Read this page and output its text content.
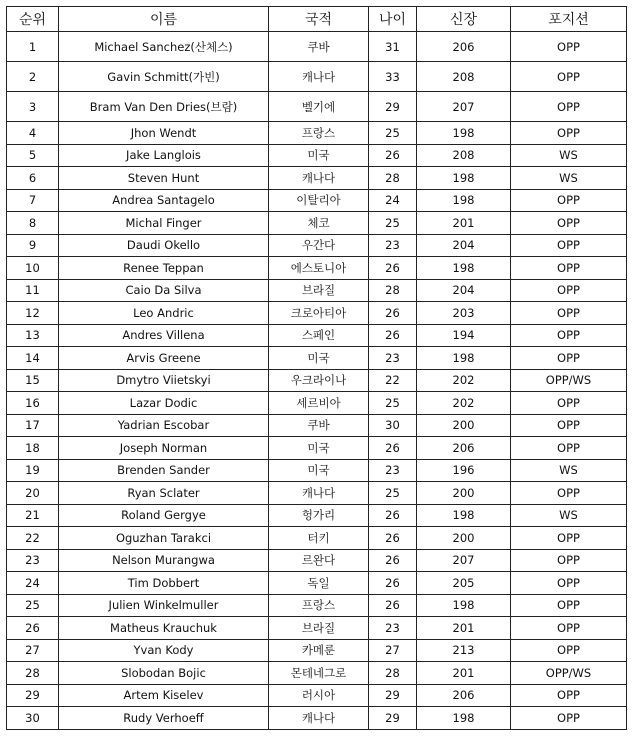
순위	이름	국적	나이	신장	포지션
1	Michael Sanchez(산체스)	쿠바	31	206	OPP
2	Gavin Schmitt(가빈)	캐나다	33	208	OPP
3	Bram Van Den Dries(브람)	벨기에	29	207	OPP
4	Jhon Wendt	프랑스	25	198	OPP
5	Jake Langlois	미국	26	208	WS
6	Steven Hunt	캐나다	28	198	WS
7	Andrea Santagelo	이탈리아	24	198	OPP
8	Michal Finger	체코	25	201	OPP
9	Daudi Okello	우간다	23	204	OPP
10	Renee Teppan	에스토니아	26	198	OPP
11	Caio Da Silva	브라질	28	204	OPP
12	Leo Andric	크로아티아	26	203	OPP
13	Andres Villena	스페인	26	194	OPP
14	Arvis Greene	미국	23	198	OPP
15	Dmytro Viietskyi	우크라이나	22	202	OPP/WS
16	Lazar Dodic	세르비아	25	202	OPP
17	Yadrian Escobar	쿠바	30	200	OPP
18	Joseph Norman	미국	26	206	OPP
19	Brenden Sander	미국	23	196	WS
20	Ryan Sclater	캐나다	25	200	OPP
21	Roland Gergye	헝가리	26	198	WS
22	Oguzhan Tarakci	터키	26	200	OPP
23	Nelson Murangwa	르완다	26	207	OPP
24	Tim Dobbert	독일	26	205	OPP
25	Julien Winkelmuller	프랑스	26	198	OPP
26	Matheus Krauchuk	브라질	23	201	OPP
27	Yvan Kody	카메룬	27	213	OPP
28	Slobodan Bojic	몬테네그로	28	201	OPP/WS
29	Artem Kiselev	러시아	29	206	OPP
30	Rudy Verhoeff	캐나다	29	198	OPP
